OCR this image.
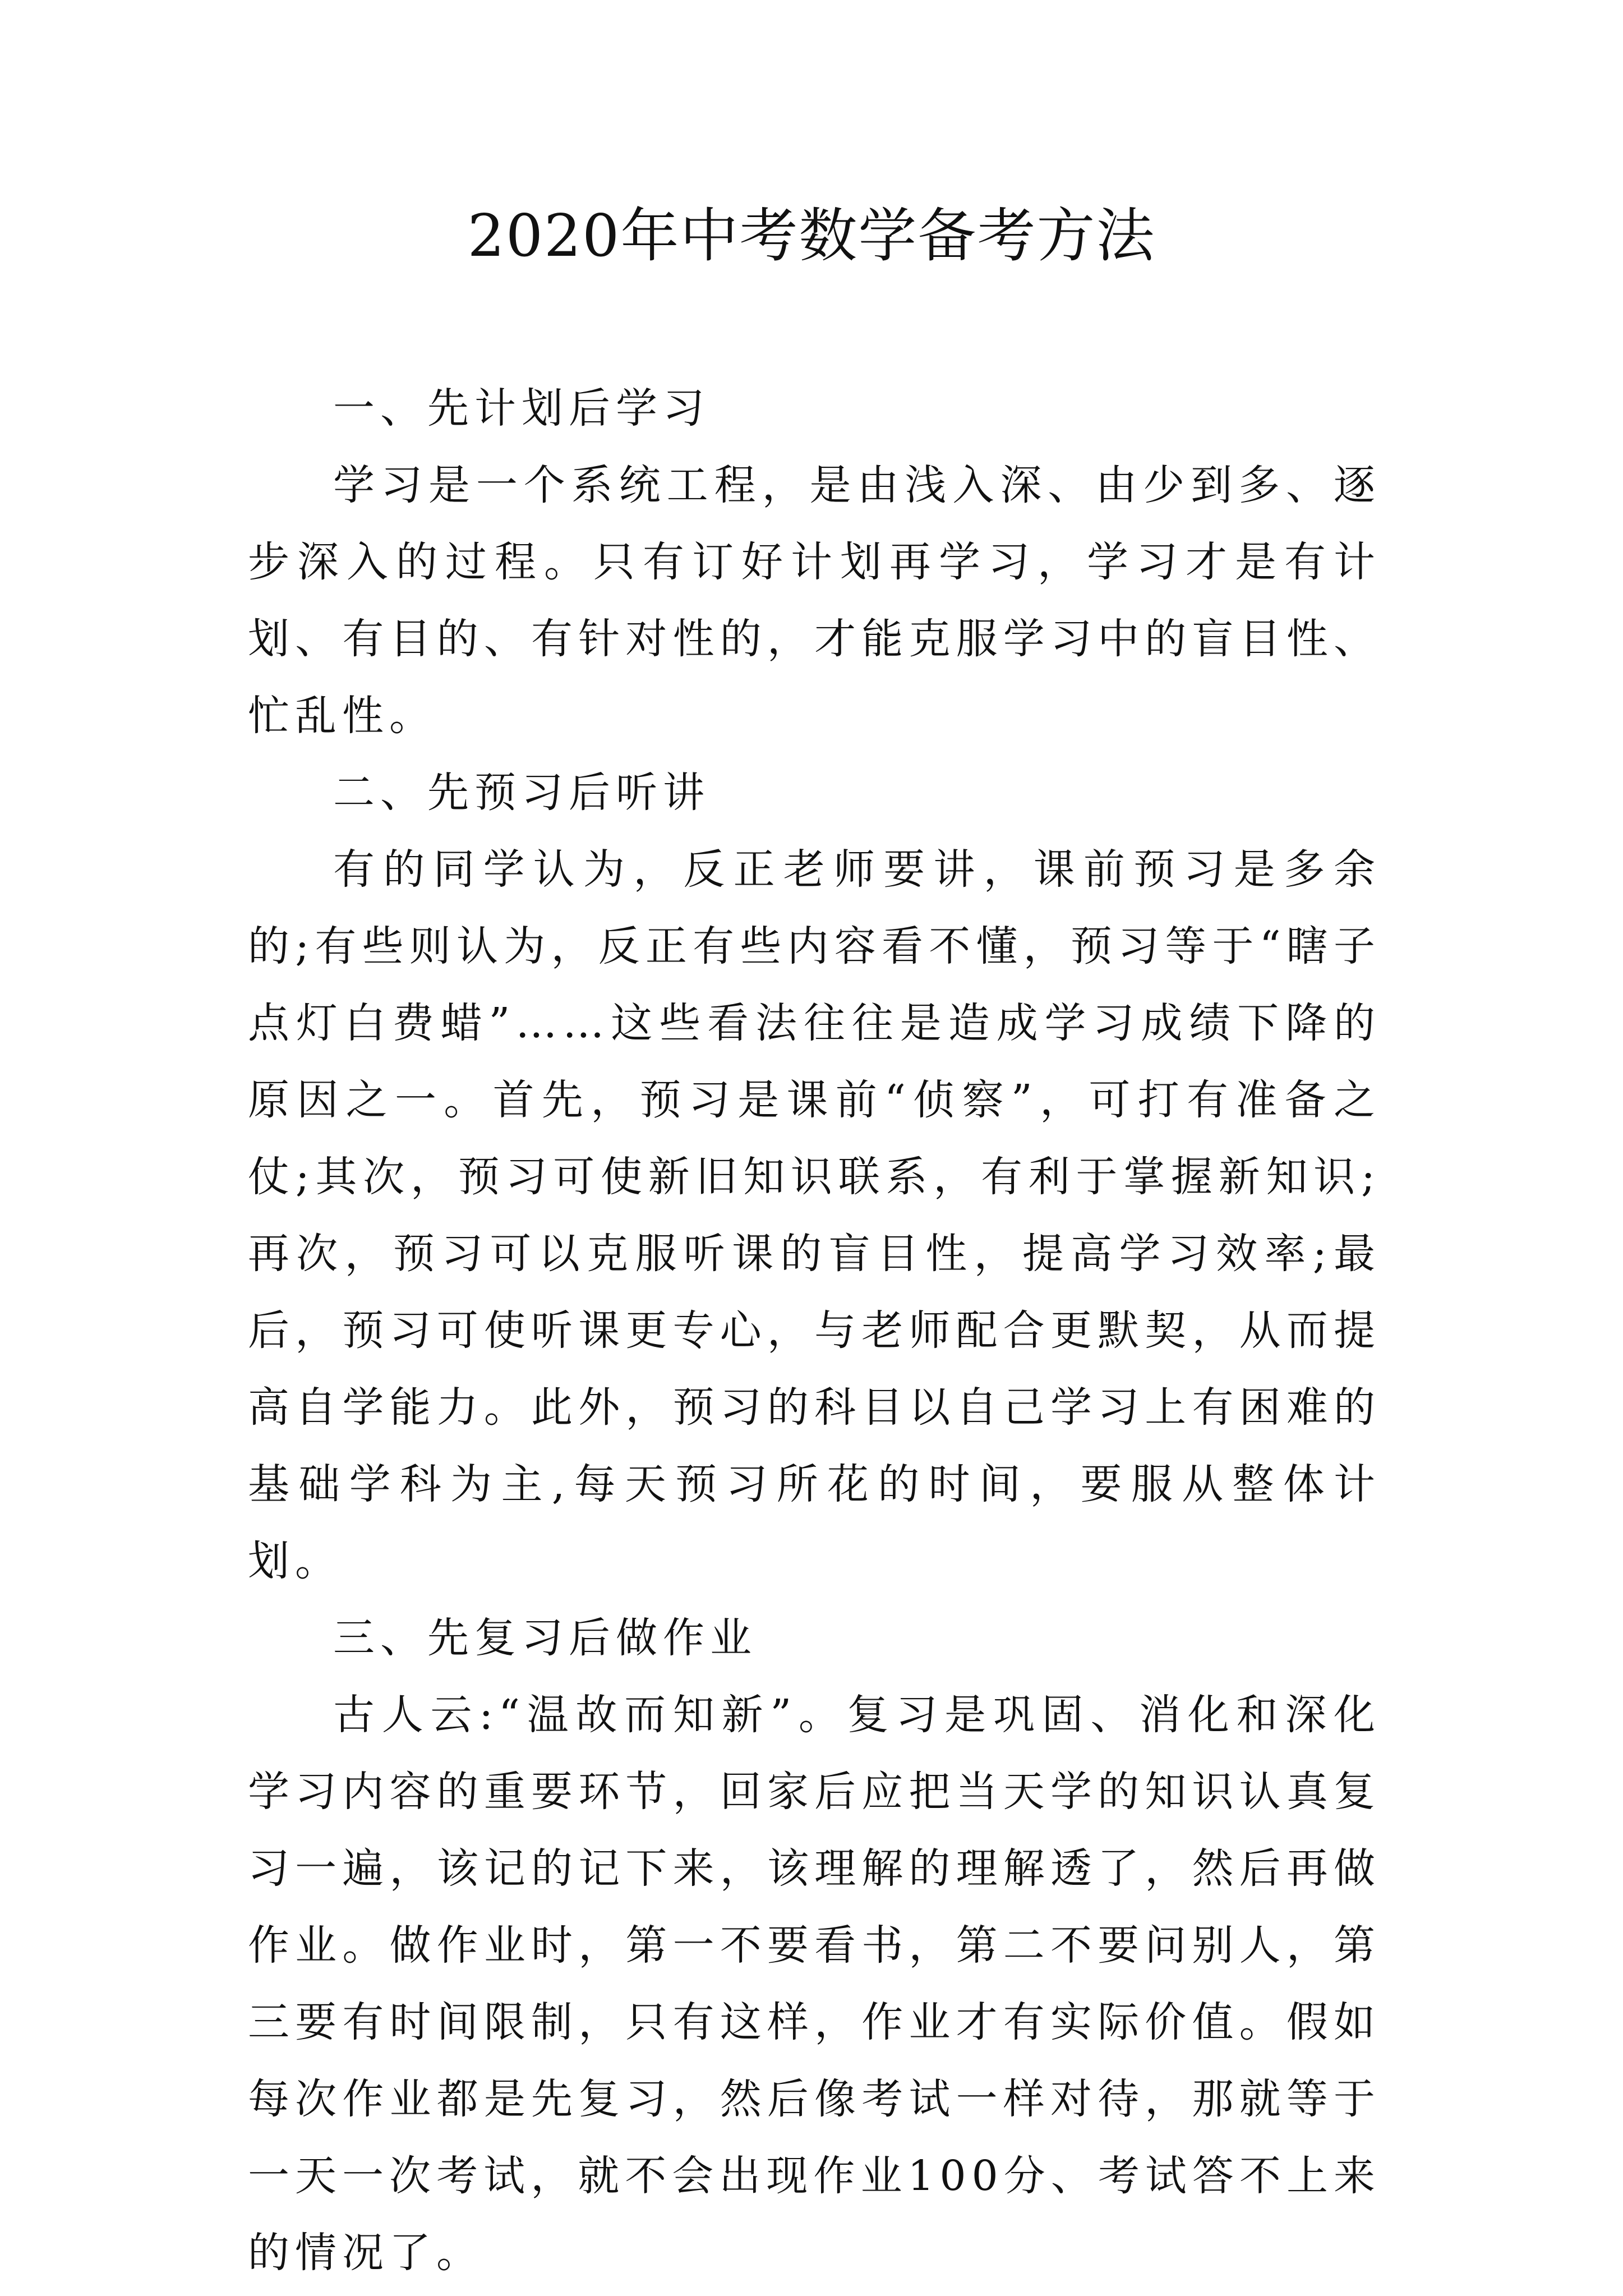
2020年中考数学备考方法

一、先计划后学习

学习是一个系统工程，是由浅入深、由少到多、逐步深入的过程。只有订好计划再学习，学习才是有计划、有目的、有针对性的，才能克服学习中的盲目性、忙乱性。

二、先预习后听讲

有的同学认为，反正老师要讲，课前预习是多余的;有些则认为，反正有些内容看不懂，预习等于“瞎子点灯白费蜡”……这些看法往往是造成学习成绩下降的原因之一。首先，预习是课前“侦察”，可打有准备之仗;其次，预习可使新旧知识联系，有利于掌握新知识;再次，预习可以克服听课的盲目性，提高学习效率;最后，预习可使听课更专心，与老师配合更默契，从而提高自学能力。此外，预习的科目以自己学习上有困难的基础学科为主,每天预习所花的时间，要服从整体计划。

三、先复习后做作业

古人云:“温故而知新”。复习是巩固、消化和深化学习内容的重要环节，回家后应把当天学的知识认真复习一遍，该记的记下来，该理解的理解透了，然后再做作业。做作业时，第一不要看书，第二不要问别人，第三要有时间限制，只有这样，作业才有实际价值。假如每次作业都是先复习，然后像考试一样对待，那就等于一天一次考试，就不会出现作业100分、考试答不上来的情况了。
